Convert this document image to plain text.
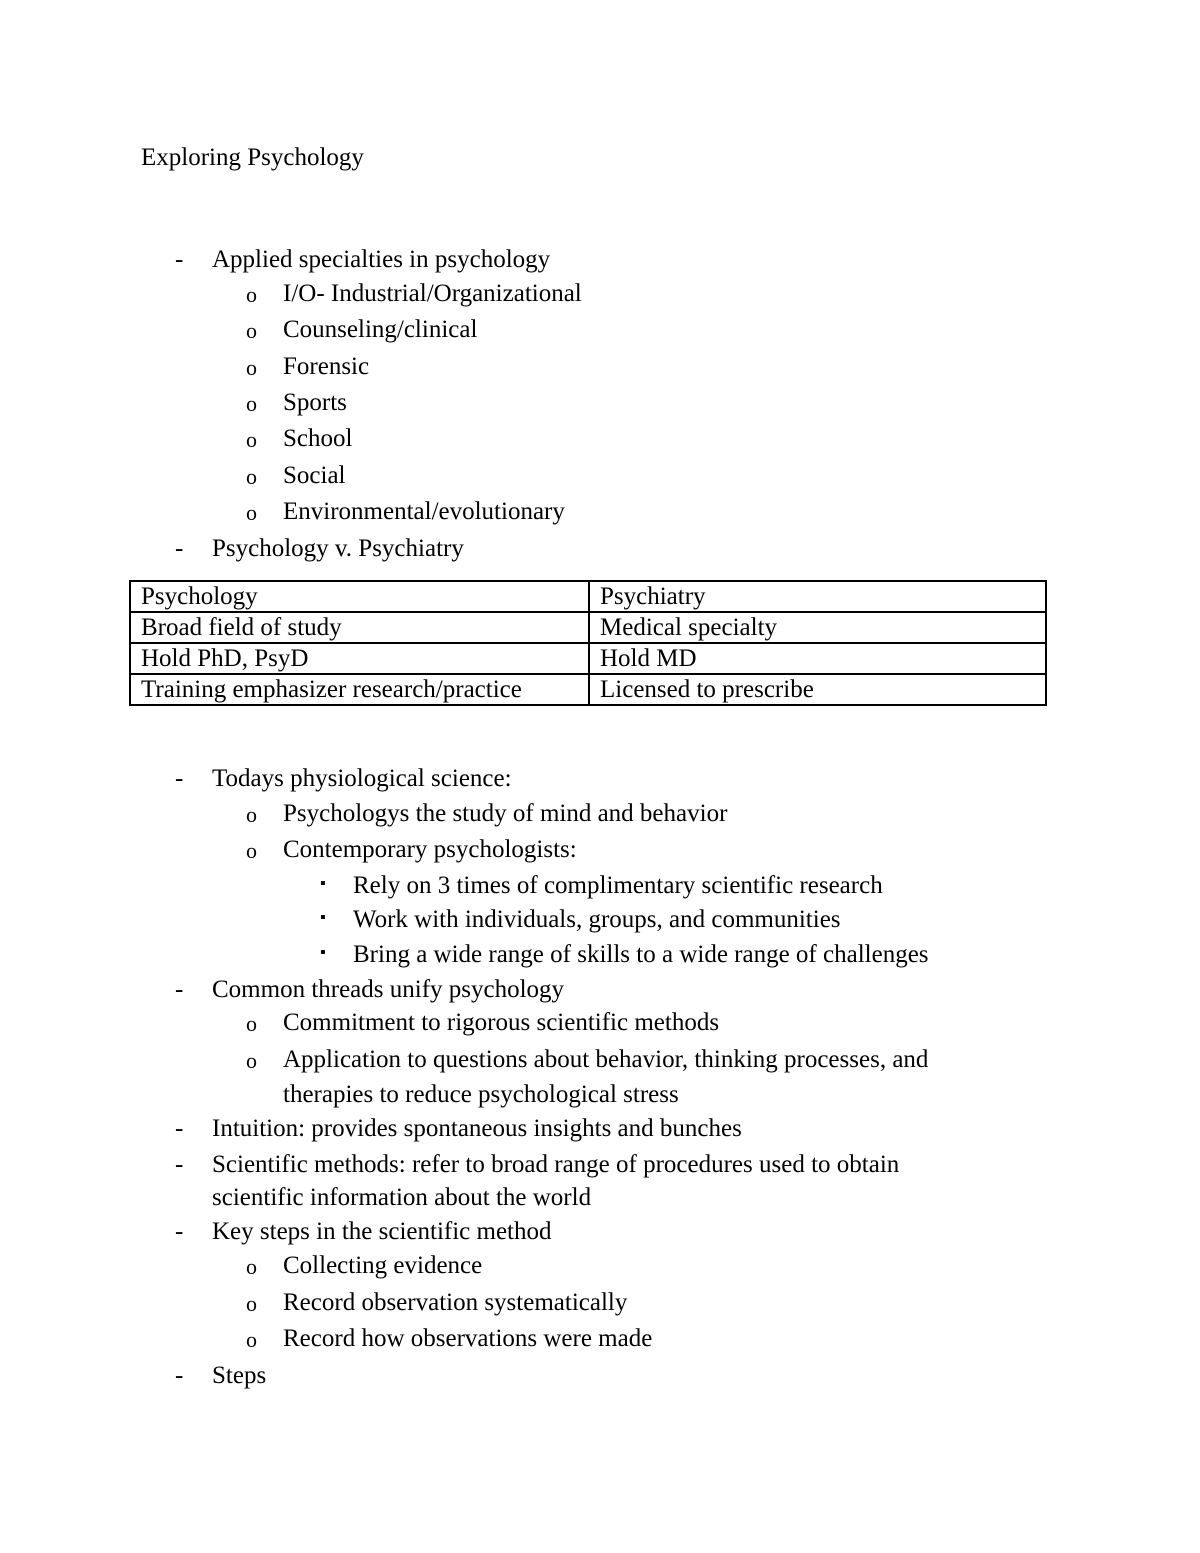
Exploring Psychology
- Applied specialties in psychology
o I/O- Industrial/Organizational
o Counseling/clinical
o Forensic
o Sports
o School
o Social
o Environmental/evolutionary
- Psychology v. Psychiatry
Psychology	Psychiatry
Broad field of study	Medical specialty
Hold PhD, PsyD	Hold MD
Training emphasizer research/practice	Licensed to prescribe
- Todays physiological science:
o Psychologys the study of mind and behavior
o Contemporary psychologists:
▪ Rely on 3 times of complimentary scientific research
▪ Work with individuals, groups, and communities
▪ Bring a wide range of skills to a wide range of challenges
- Common threads unify psychology
o Commitment to rigorous scientific methods
o Application to questions about behavior, thinking processes, and
therapies to reduce psychological stress
- Intuition: provides spontaneous insights and bunches
- Scientific methods: refer to broad range of procedures used to obtain
scientific information about the world
- Key steps in the scientific method
o Collecting evidence
o Record observation systematically
o Record how observations were made
- Steps
